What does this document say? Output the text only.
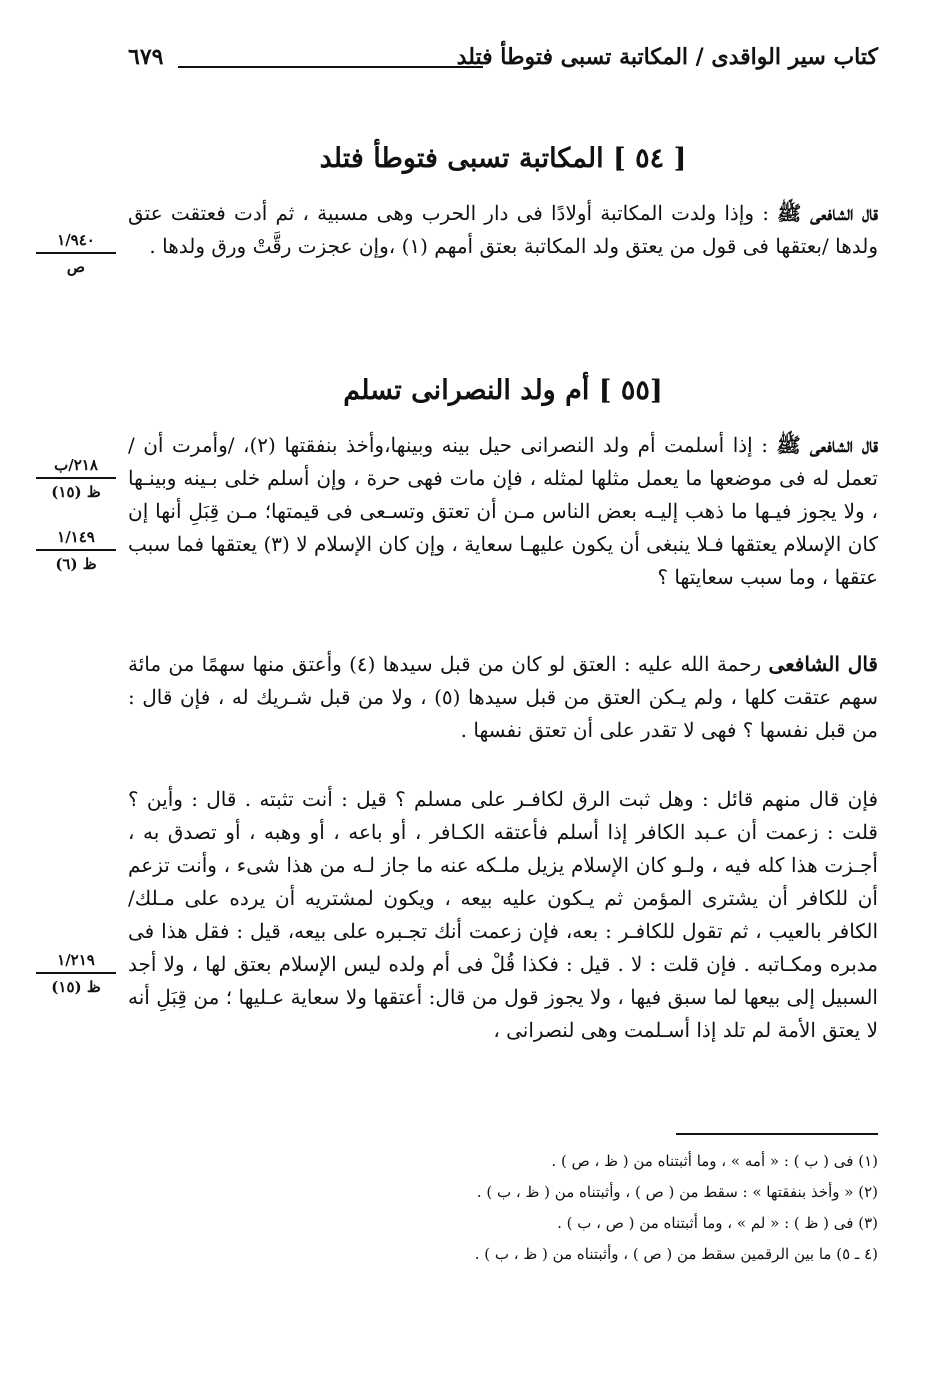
كتاب سير الواقدى / المكاتبة تسبى فتوطأ فتلد
٦٧٩
[ ٥٤ ] المكاتبة تسبى فتوطأ فتلد
قال الشافعى ﷺ : وإذا ولدت المكاتبة أولادًا فى دار الحرب وهى مسبية ، ثم أدت فعتقت عتق ولدها /بعتقها فى قول من يعتق ولد المكاتبة بعتق أمهم (١) ،وإن عجزت رقَّتْ ورق ولدها .
١/٩٤٠
ص
[٥٥ ] أم ولد النصرانى تسلم
قال الشافعى ﷺ : إذا أسلمت أم ولد النصرانى حيل بينه وبينها،وأخذ بنفقتها (٢)، /وأمرت أن /تعمل له فى موضعها ما يعمل مثلها لمثله ، فإن مات فهى حرة ، وإن أسلم خلى بـينه وبينـها ، ولا يجوز فيـها ما ذهب إليـه بعض الناس مـن أن تعتق وتسـعى فى قيمتها؛ مـن قِبَلِ أنها إن كان الإسلام يعتقها فـلا ينبغى أن يكون عليهـا سعاية ، وإن كان الإسلام لا (٣) يعتقها فما سبب عتقها ، وما سبب سعايتها ؟
٢١٨/ب
ظ (١٥)
١/١٤٩
ظ (٦)
قال الشافعى رحمة الله عليه : العتق لو كان من قبل سيدها (٤) وأعتق منها سهمًا من مائة سهم عتقت كلها ، ولم يـكن العتق من قبل سيدها (٥) ، ولا من قبل شـريك له ، فإن قال : من قبل نفسها ؟ فهى لا تقدر على أن تعتق نفسها .
فإن قال منهم قائل : وهل ثبت الرق لكافـر على مسلم ؟ قيل : أنت تثبته . قال : وأين ؟ قلت : زعمت أن عـبد الكافر إذا أسلم فأعتقه الكـافر ، أو باعه ، أو وهبه ، أو تصدق به ، أجـزت هذا كله فيه ، ولـو كان الإسلام يزيل ملـكه عنه ما جاز لـه من هذا شىء ، وأنت تزعم أن للكافر أن يشترى المؤمن ثم يـكون عليه بيعه ، ويكون لمشتريه أن يرده على مـلك/ الكافر بالعيب ، ثم تقول للكافـر : بعه، فإن زعمت أنك تجـبره على بيعه، قيل : فقل هذا فى مدبره ومكـاتبه . فإن قلت : لا . قيل : فكذا قُلْ فى أم ولده ليس الإسلام بعتق لها ، ولا أجد السبيل إلى بيعها لما سبق فيها ، ولا يجوز قول من قال: أعتقها ولا سعاية عـليها ؛ من قِبَلِ أنه لا يعتق الأمة لم تلد إذا أسـلمت وهى لنصرانى ،
١/٢١٩
ظ (١٥)
(١) فى ( ب ) : « أمه » ، وما أثبتناه من ( ظ ، ص ) .
(٢) « وأخذ بنفقتها » : سقط من ( ص ) ، وأثبتناه من ( ظ ، ب ) .
(٣) فى ( ظ ) : « لم » ، وما أثبتناه من ( ص ، ب ) .
(٤ ـ ٥) ما بين الرقمين سقط من ( ص ) ، وأثبتناه من ( ظ ، ب ) .
